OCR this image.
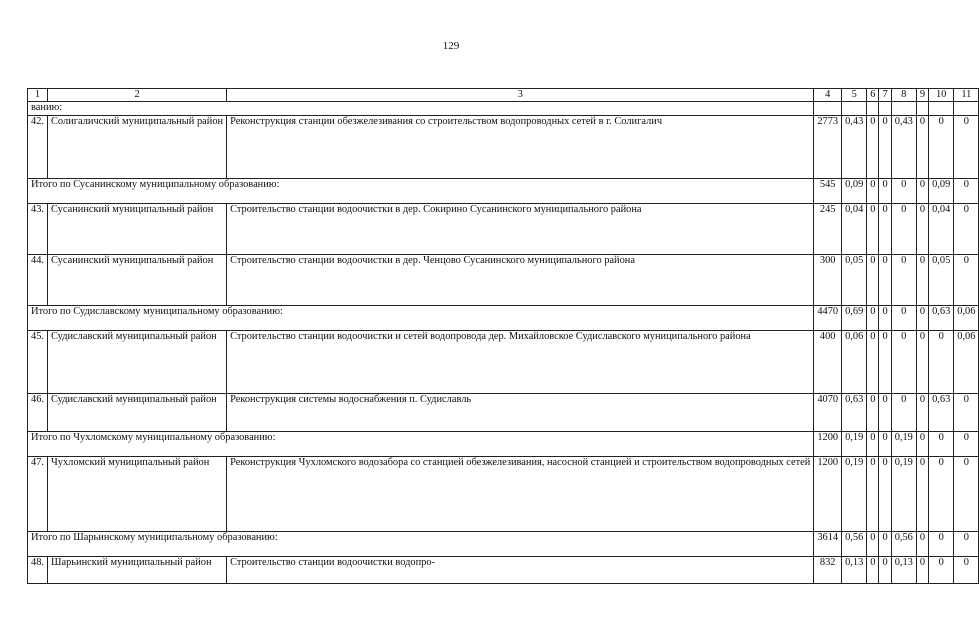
129
1	2	3	4	5	6	7	8	9	10	11
ванию:										
42.	Солигаличский муниципальный район	Реконструкция станции обезжелезивания со строительством водопроводных сетей в г. Солигалич	2773	0,43	0	0	0,43	0	0	0
Итого по Сусанинскому муниципальному образованию:			545	0,09	0	0	0	0	0,09	0
43.	Сусанинский муниципальный район	Строительство станции водоочистки в дер. Сокирино Сусанинского муниципального района	245	0,04	0	0	0	0	0,04	0
44.	Сусанинский муниципальный район	Строительство станции водоочистки в дер. Ченцово Сусанинского муниципального района	300	0,05	0	0	0	0	0,05	0
Итого по Судиславскому муниципальному образованию:			4470	0,69	0	0	0	0	0,63	0,06
45.	Судиславский муниципальный район	Строительство станции водоочистки и сетей водопровода дер. Михайловское Судиславского муниципального района	400	0,06	0	0	0	0	0	0,06
46.	Судиславский муниципальный район	Реконструкция системы водоснабжения п. Судиславль	4070	0,63	0	0	0	0	0,63	0
Итого по Чухломскому муниципальному образованию:			1200	0,19	0	0	0,19	0	0	0
47.	Чухломский муниципальный район	Реконструкция Чухломского водозабора со станцией обезжелезивания, насосной станцией и строительством водопроводных сетей	1200	0,19	0	0	0,19	0	0	0
Итого по Шарьинскому муниципальному образованию:			3614	0,56	0	0	0,56	0	0	0
48.	Шарьинский муниципальный район	Строительство станции водоочистки водопро-	832	0,13	0	0	0,13	0	0	0
